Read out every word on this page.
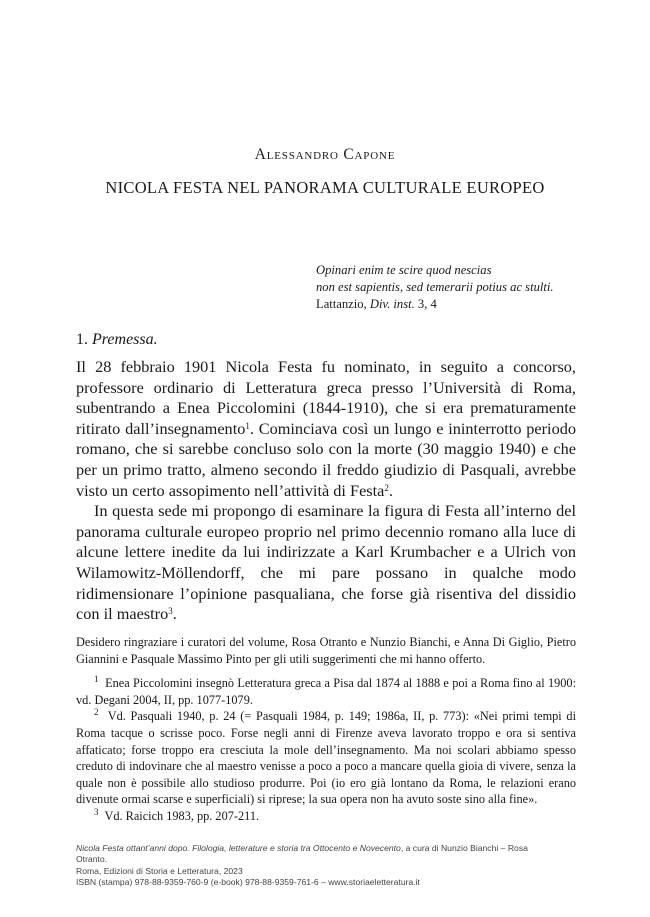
Alessandro Capone
NICOLA FESTA NEL PANORAMA CULTURALE EUROPEO
Opinari enim te scire quod nescias
non est sapientis, sed temerarii potius ac stulti.
Lattanzio, Div. inst. 3, 4
1. Premessa.

Il 28 febbraio 1901 Nicola Festa fu nominato, in seguito a concorso, professore ordinario di Letteratura greca presso l’Università di Roma, subentrando a Enea Piccolomini (1844-1910), che si era prematuramente ritirato dall’insegnamento$^1$. Cominciava così un lungo e ininterrotto periodo romano, che si sarebbe concluso solo con la morte (30 maggio 1940) e che per un primo tratto, almeno secondo il freddo giudizio di Pasquali, avrebbe visto un certo assopimento nell’attività di Festa$^2$.

In questa sede mi propongo di esaminare la figura di Festa all’interno del panorama culturale europeo proprio nel primo decennio romano alla luce di alcune lettere inedite da lui indirizzate a Karl Krumbacher e a Ulrich von Wilamowitz-Möllendorff, che mi pare possano in qualche modo ridimensionare l’opinione pasqualiana, che forse già risentiva del dissidio con il maestro$^3$.

Desidero ringraziare i curatori del volume, Rosa Otranto e Nunzio Bianchi, e Anna Di Giglio, Pietro Giannini e Pasquale Massimo Pinto per gli utili suggerimenti che mi hanno offerto.

$^1$ Enea Piccolomini insegnò Letteratura greca a Pisa dal 1874 al 1888 e poi a Roma fino al 1900: vd. Degani 2004, II, pp. 1077-1079.

$^2$ Vd. Pasquali 1940, p. 24 (= Pasquali 1984, p. 149; 1986a, II, p. 773): «Nei primi tempi di Roma tacque o scrisse poco. Forse negli anni di Firenze aveva lavorato troppo e ora si sentiva affaticato; forse troppo era cresciuta la mole dell’insegnamento. Ma noi scolari abbiamo spesso creduto di indovinare che al maestro venisse a poco a poco a mancare quella gioia di vivere, senza la quale non è possibile allo studioso produrre. Poi (io ero già lontano da Roma, le relazioni erano divenute ormai scarse e superficiali) si riprese; la sua opera non ha avuto soste sino alla fine».

$^3$ Vd. Raicich 1983, pp. 207-211.

Nicola Festa ottant’anni dopo. Filologia, letterature e storia tra Ottocento e Novecento, a cura di Nunzio Bianchi – Rosa Otranto.
Roma, Edizioni di Storia e Letteratura, 2023
ISBN (stampa) 978-88-9359-760-9 (e-book) 978-88-9359-761-6 – www.storiaeletteratura.it
